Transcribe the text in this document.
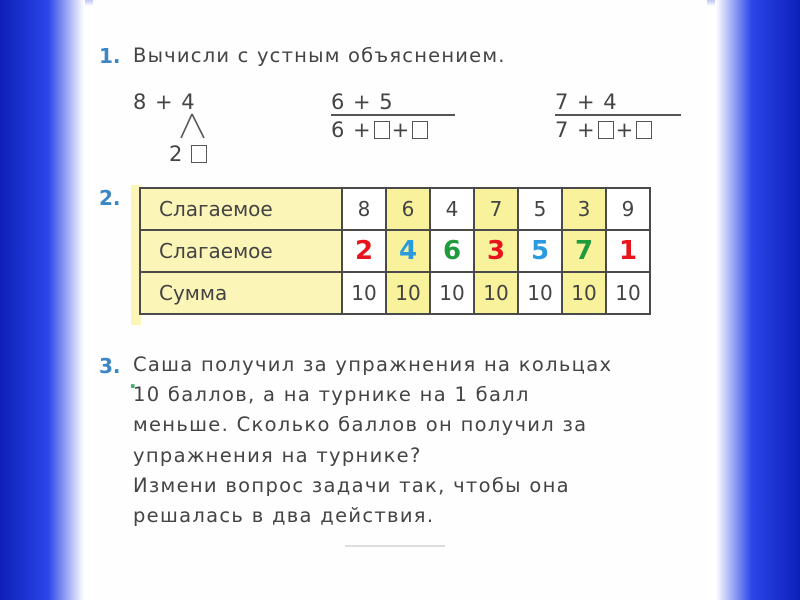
1. Вычисли с устным объяснением.
8 + 4
2
6 + 5
6 + +
7 + 4
7 + +
2. Слагаемое	8	6	4	7	5	3	9
Слагаемое	2	4	6	3	5	7	1
Сумма	10	10	10	10	10	10	10
3.
·
Саша получил за упражнения на кольцах
10 баллов, а на турнике на 1 балл
меньше. Сколько баллов он получил за
упражнения на турнике?
Измени вопрос задачи так, чтобы она
решалась в два действия.
